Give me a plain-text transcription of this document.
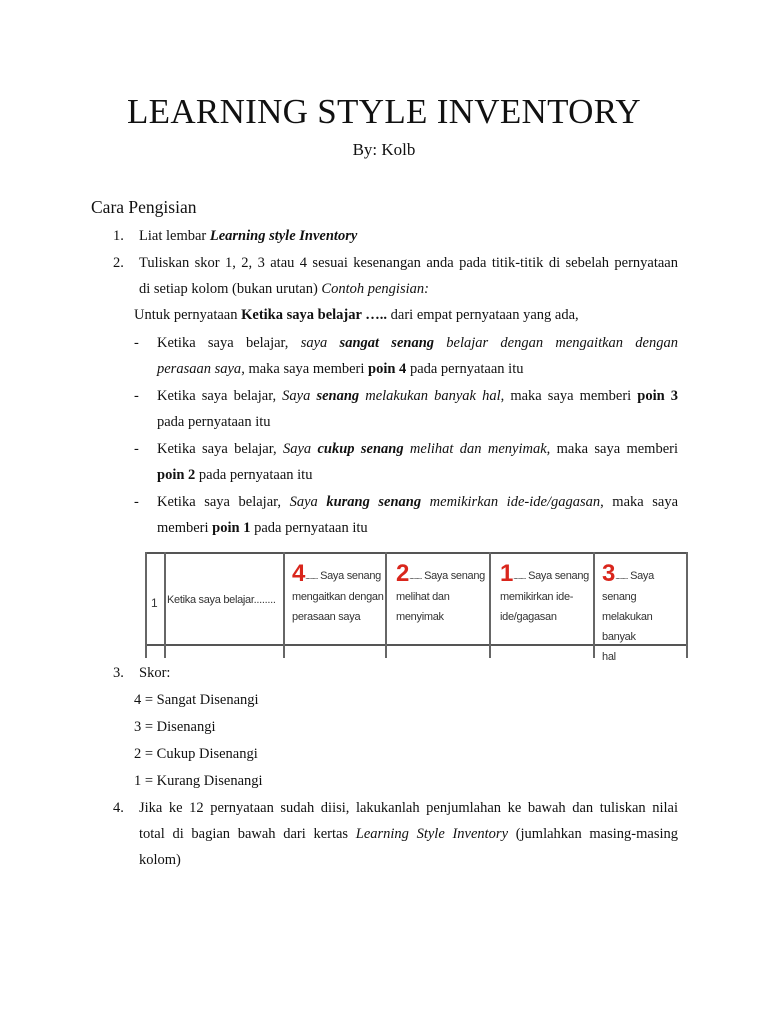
LEARNING STYLE INVENTORY
By: Kolb
Cara Pengisian
1. Liat lembar Learning style Inventory
2. Tuliskan skor 1, 2, 3 atau 4 sesuai kesenangan anda pada titik-titik di sebelah pernyataan
di setiap kolom (bukan urutan) Contoh pengisian:
Untuk pernyataan Ketika saya belajar ….. dari empat pernyataan yang ada,
- Ketika saya belajar, saya sangat senang belajar dengan mengaitkan dengan
perasaan saya, maka saya memberi poin 4 pada pernyataan itu
- Ketika saya belajar, Saya senang melakukan banyak hal, maka saya memberi poin 3
pada pernyataan itu
- Ketika saya belajar, Saya cukup senang melihat dan menyimak, maka saya memberi
poin 2 pada pernyataan itu
- Ketika saya belajar, Saya kurang senang memikirkan ide-ide/gagasan, maka saya
memberi poin 1 pada pernyataan itu
1 Ketika saya belajar........
4.......... Saya senang
mengaitkan dengan
perasaan saya
2.......... Saya senang
melihat dan
menyimak
1.......... Saya senang
memikirkan ide-
ide/gagasan
3.......... Saya senang
melakukan banyak
hal
3. Skor:
4 = Sangat Disenangi
3 = Disenangi
2 = Cukup Disenangi
1 = Kurang Disenangi
4. Jika ke 12 pernyataan sudah diisi, lakukanlah penjumlahan ke bawah dan tuliskan nilai
total di bagian bawah dari kertas Learning Style Inventory (jumlahkan masing-masing
kolom)
